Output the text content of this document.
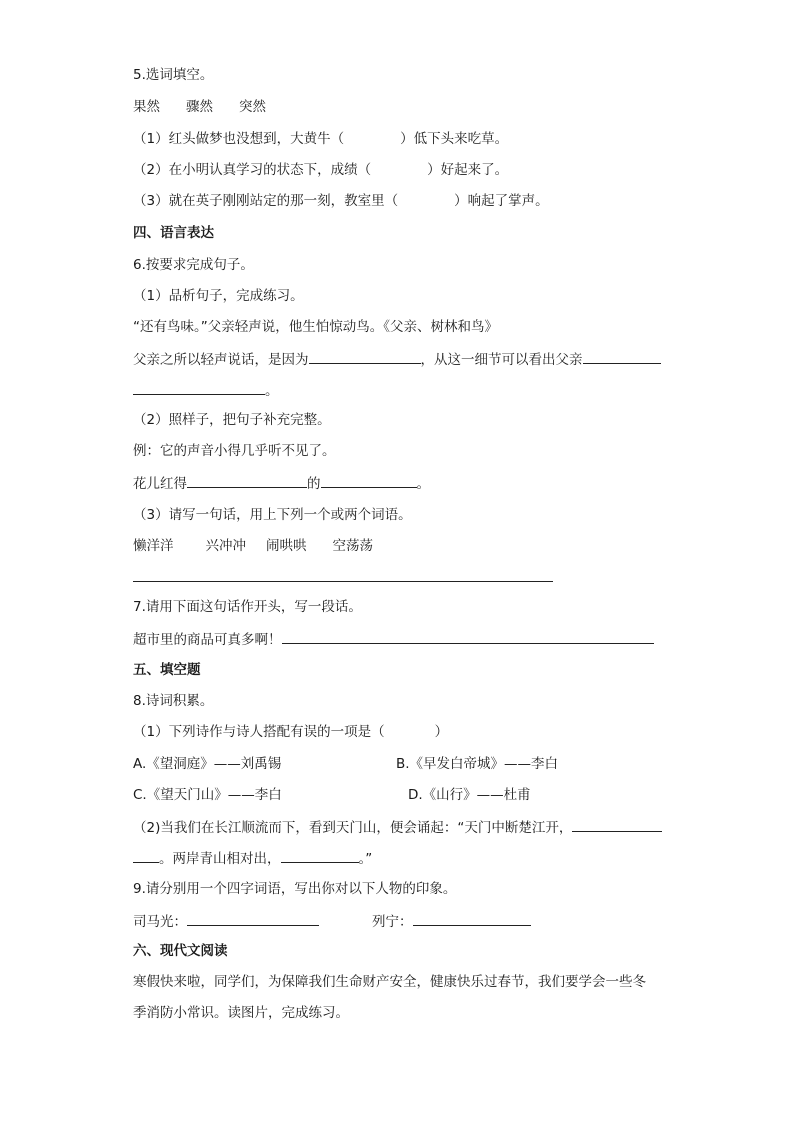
5.选词填空。
果然 骤然 突然
（1）红头做梦也没想到，大黄牛（	）低下头来吃草。
（2）在小明认真学习的状态下，成绩（	）好起来了。
（3）就在英子刚刚站定的那一刻，教室里（	）响起了掌声。
四、语言表达
6.按要求完成句子。
（1）品析句子，完成练习。
“还有鸟味。”父亲轻声说，他生怕惊动鸟。《父亲、树林和鸟》
父亲之所以轻声说话，是因为	，从这一细节可以看出父亲
。
（2）照样子，把句子补充完整。
例：它的声音小得几乎听不见了。
花儿红得	的	。
（3）请写一句话，用上下列一个或两个词语。
懒洋洋 兴冲冲 闹哄哄 空荡荡
7.请用下面这句话作开头，写一段话。
超市里的商品可真多啊！
五、填空题
8.诗词积累。
（1）下列诗作与诗人搭配有误的一项是（	）
A.《望洞庭》——刘禹锡	B.《早发白帝城》——李白
C.《望天门山》——李白	D.《山行》——杜甫
（2)当我们在长江顺流而下，看到天门山，便会诵起：“天门中断楚江开，
。两岸青山相对出，	。”
9.请分别用一个四字词语，写出你对以下人物的印象。
司马光：	列宁：
六、现代文阅读
寒假快来啦，同学们，为保障我们生命财产安全，健康快乐过春节，我们要学会一些冬
季消防小常识。读图片，完成练习。
